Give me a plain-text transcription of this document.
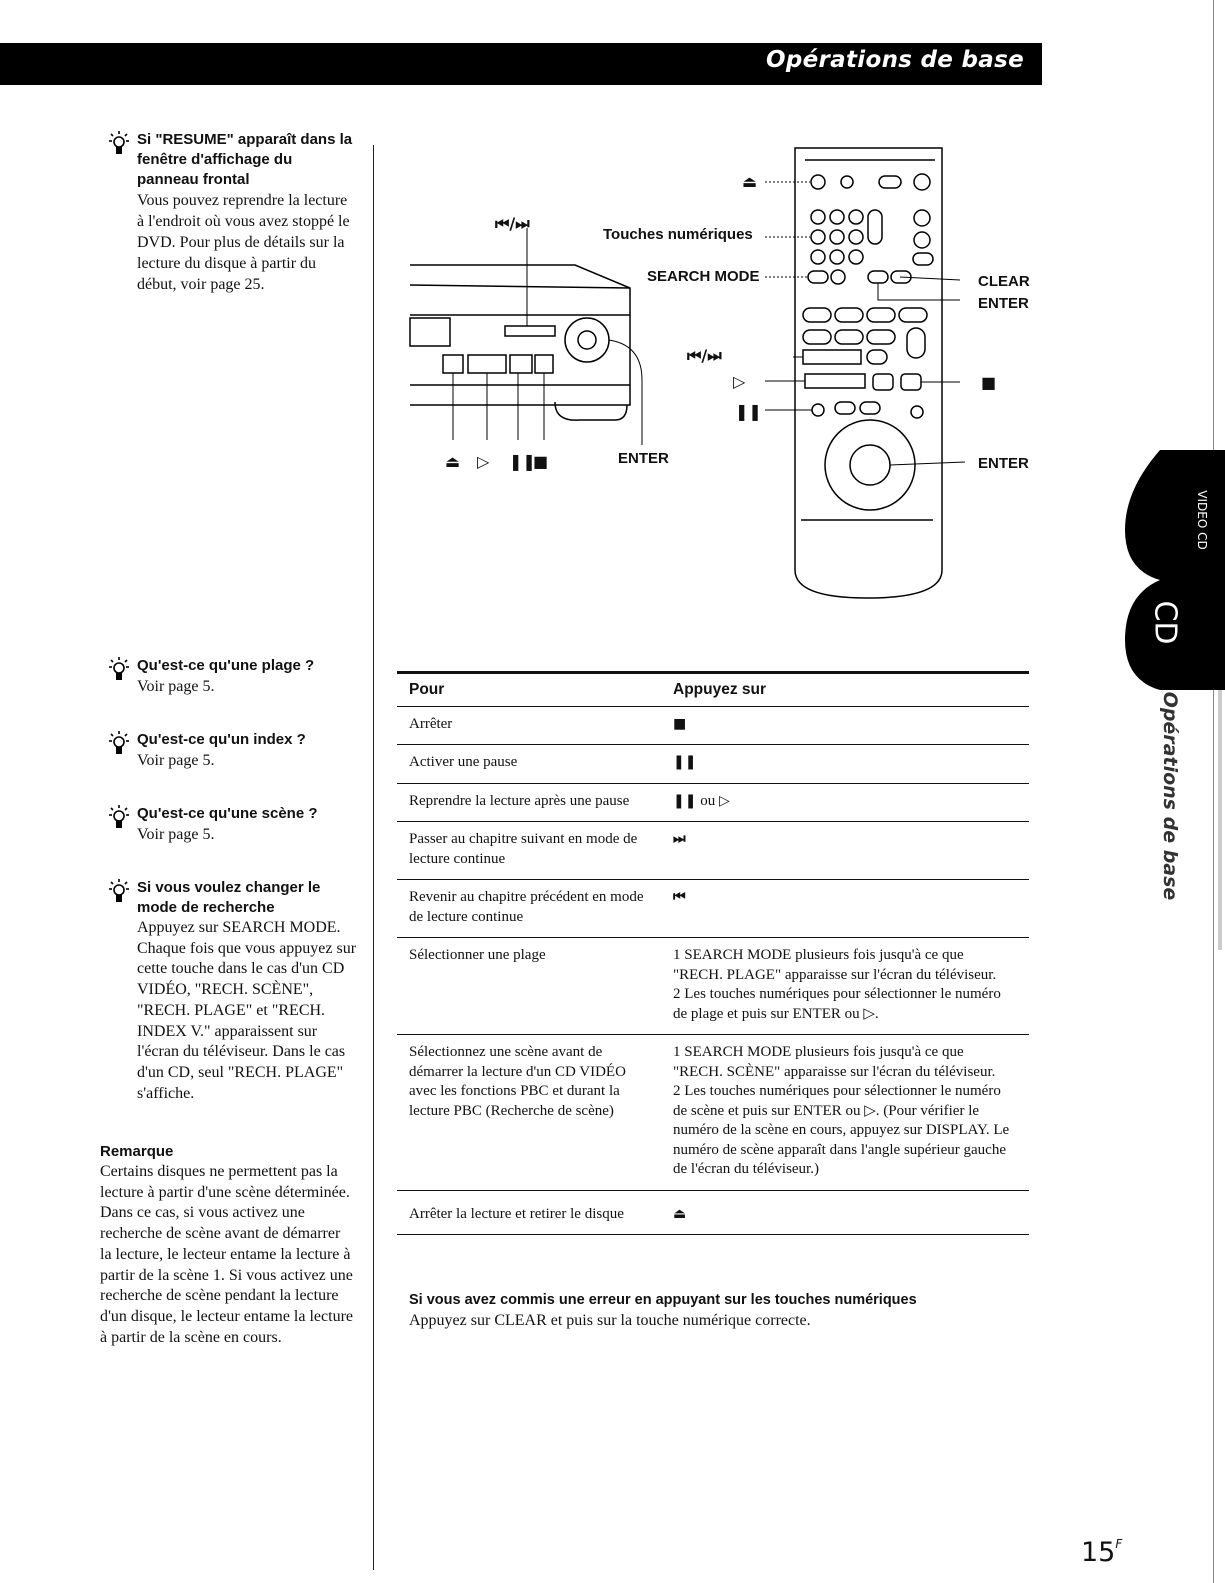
Opérations de base
Si "RESUME" apparaît dans la fenêtre d'affichage du panneau frontal
Vous pouvez reprendre la lecture à l'endroit où vous avez stoppé le DVD. Pour plus de détails sur la lecture du disque à partir du début, voir page 25.
Qu'est-ce qu'une plage ?
Voir page 5.
Qu'est-ce qu'un index ?
Voir page 5.
Qu'est-ce qu'une scène ?
Voir page 5.
Si vous voulez changer le mode de recherche
Appuyez sur SEARCH MODE. Chaque fois que vous appuyez sur cette touche dans le cas d'un CD VIDÉO, "RECH. SCÈNE", "RECH. PLAGE" et "RECH. INDEX V." apparaissent sur l'écran du téléviseur. Dans le cas d'un CD, seul "RECH. PLAGE" s'affiche.
Remarque
Certains disques ne permettent pas la lecture à partir d'une scène déterminée. Dans ce cas, si vous activez une recherche de scène avant de démarrer la lecture, le lecteur entame la lecture à partir de la scène 1. Si vous activez une recherche de scène pendant la lecture d'un disque, le lecteur entame la lecture à partir de la scène en cours.
⏮/⏭
Touches numériques
SEARCH MODE	CLEAR
ENTER
⏏
⏮/⏭
▷
❚❚
■
ENTER
ENTER
⏏ ▷ ❚❚
■
Pour	Appuyez sur
Arrêter	■
Activer une pause	❚❚
Reprendre la lecture après une pause	❚❚ ou ▷
Passer au chapitre suivant en mode de lecture continue	⏭
Revenir au chapitre précédent en mode de lecture continue	⏮
Sélectionner une plage	1 SEARCH MODE plusieurs fois jusqu'à ce que "RECH. PLAGE" apparaisse sur l'écran du téléviseur.
2 Les touches numériques pour sélectionner le numéro de plage et puis sur ENTER ou ▷.

Sélectionnez une scène avant de démarrer la lecture d'un CD VIDÉO avec les fonctions PBC et durant la lecture PBC (Recherche de scène)	1 SEARCH MODE plusieurs fois jusqu'à ce que "RECH. SCÈNE" apparaisse sur l'écran du téléviseur.
2 Les touches numériques pour sélectionner le numéro de scène et puis sur ENTER ou ▷. (Pour vérifier le numéro de la scène en cours, appuyez sur DISPLAY. Le numéro de scène apparaît dans l'angle supérieur gauche de l'écran du téléviseur.)

Arrêter la lecture et retirer le disque	⏏
Si vous avez commis une erreur en appuyant sur les touches numériques
Appuyez sur CLEAR et puis sur la touche numérique correcte.
VIDEO CD
CD
Opérations de base
$15^F$
